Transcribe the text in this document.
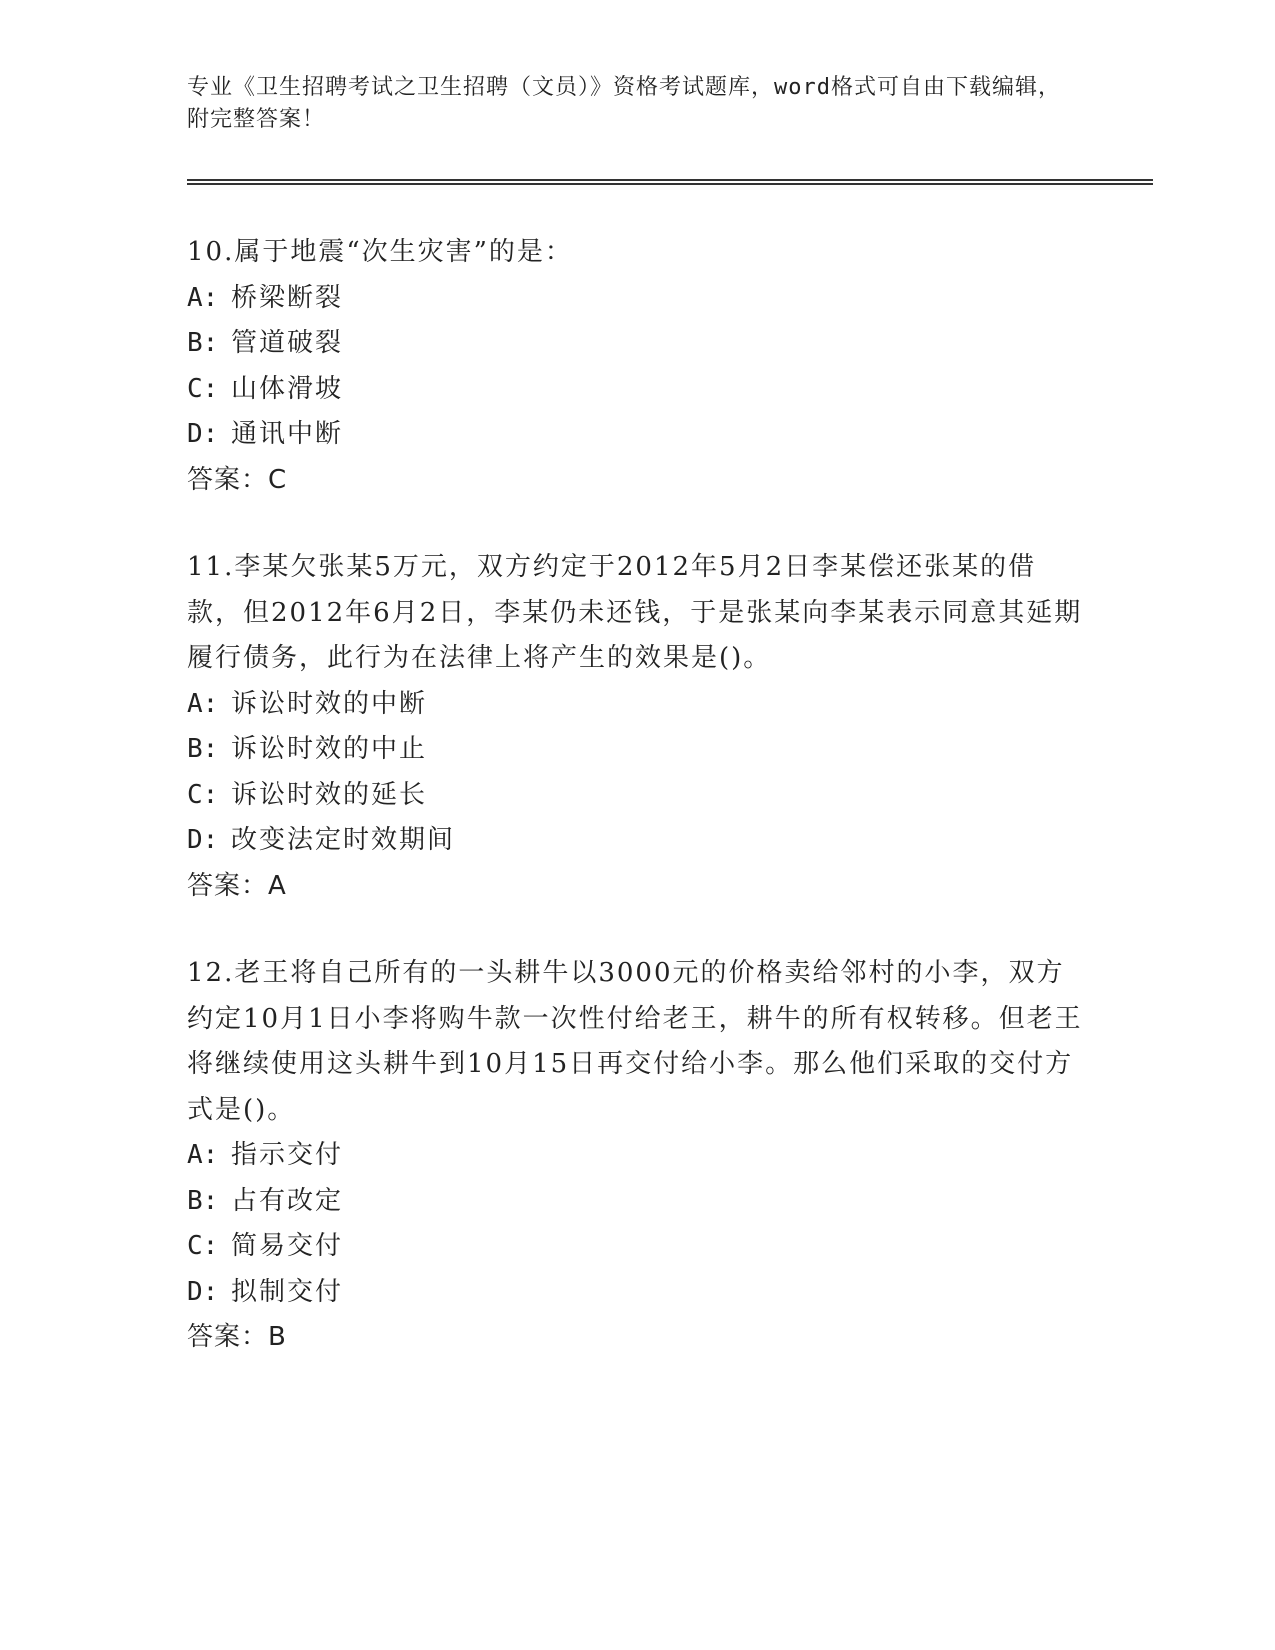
专业《卫生招聘考试之卫生招聘（文员）》资格考试题库，word格式可自由下载编辑，附完整答案！
10.属于地震“次生灾害”的是：
A: 桥梁断裂
B: 管道破裂
C: 山体滑坡
D: 通讯中断
答案：C
11.李某欠张某5万元，双方约定于2012年5月2日李某偿还张某的借款，但2012年6月2日，李某仍未还钱，于是张某向李某表示同意其延期履行债务，此行为在法律上将产生的效果是()。
A: 诉讼时效的中断
B: 诉讼时效的中止
C: 诉讼时效的延长
D: 改变法定时效期间
答案：A
12.老王将自己所有的一头耕牛以3000元的价格卖给邻村的小李，双方约定10月1日小李将购牛款一次性付给老王，耕牛的所有权转移。但老王将继续使用这头耕牛到10月15日再交付给小李。那么他们采取的交付方式是()。
A: 指示交付
B: 占有改定
C: 简易交付
D: 拟制交付
答案：B
